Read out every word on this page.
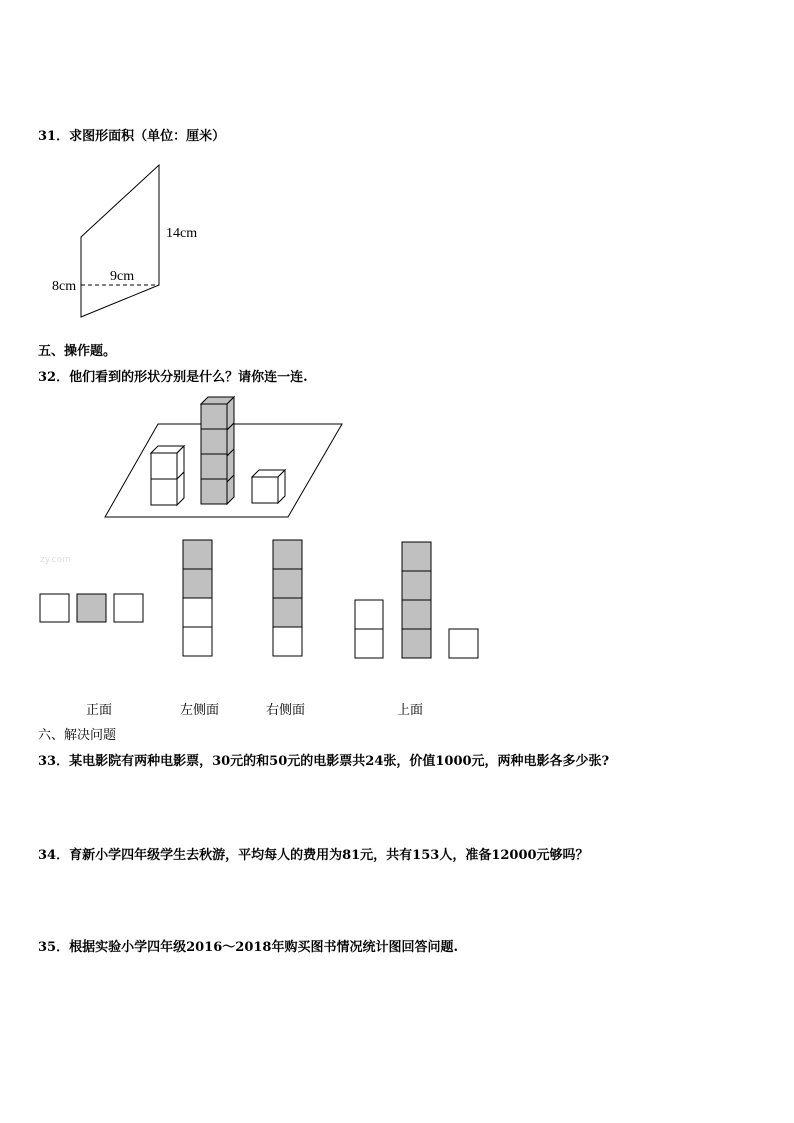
31．求图形面积（单位：厘米）
8cm
9cm
14cm
五、操作题。
32．他们看到的形状分别是什么？请你连一连.
zy.com
正面	左侧面	右侧面	上面
六、解决问题
33．某电影院有两种电影票，30元的和50元的电影票共24张，价值1000元，两种电影各多少张?
34．育新小学四年级学生去秋游，平均每人的费用为81元，共有153人，准备12000元够吗？
35．根据实验小学四年级2016～2018年购买图书情况统计图回答问题.
